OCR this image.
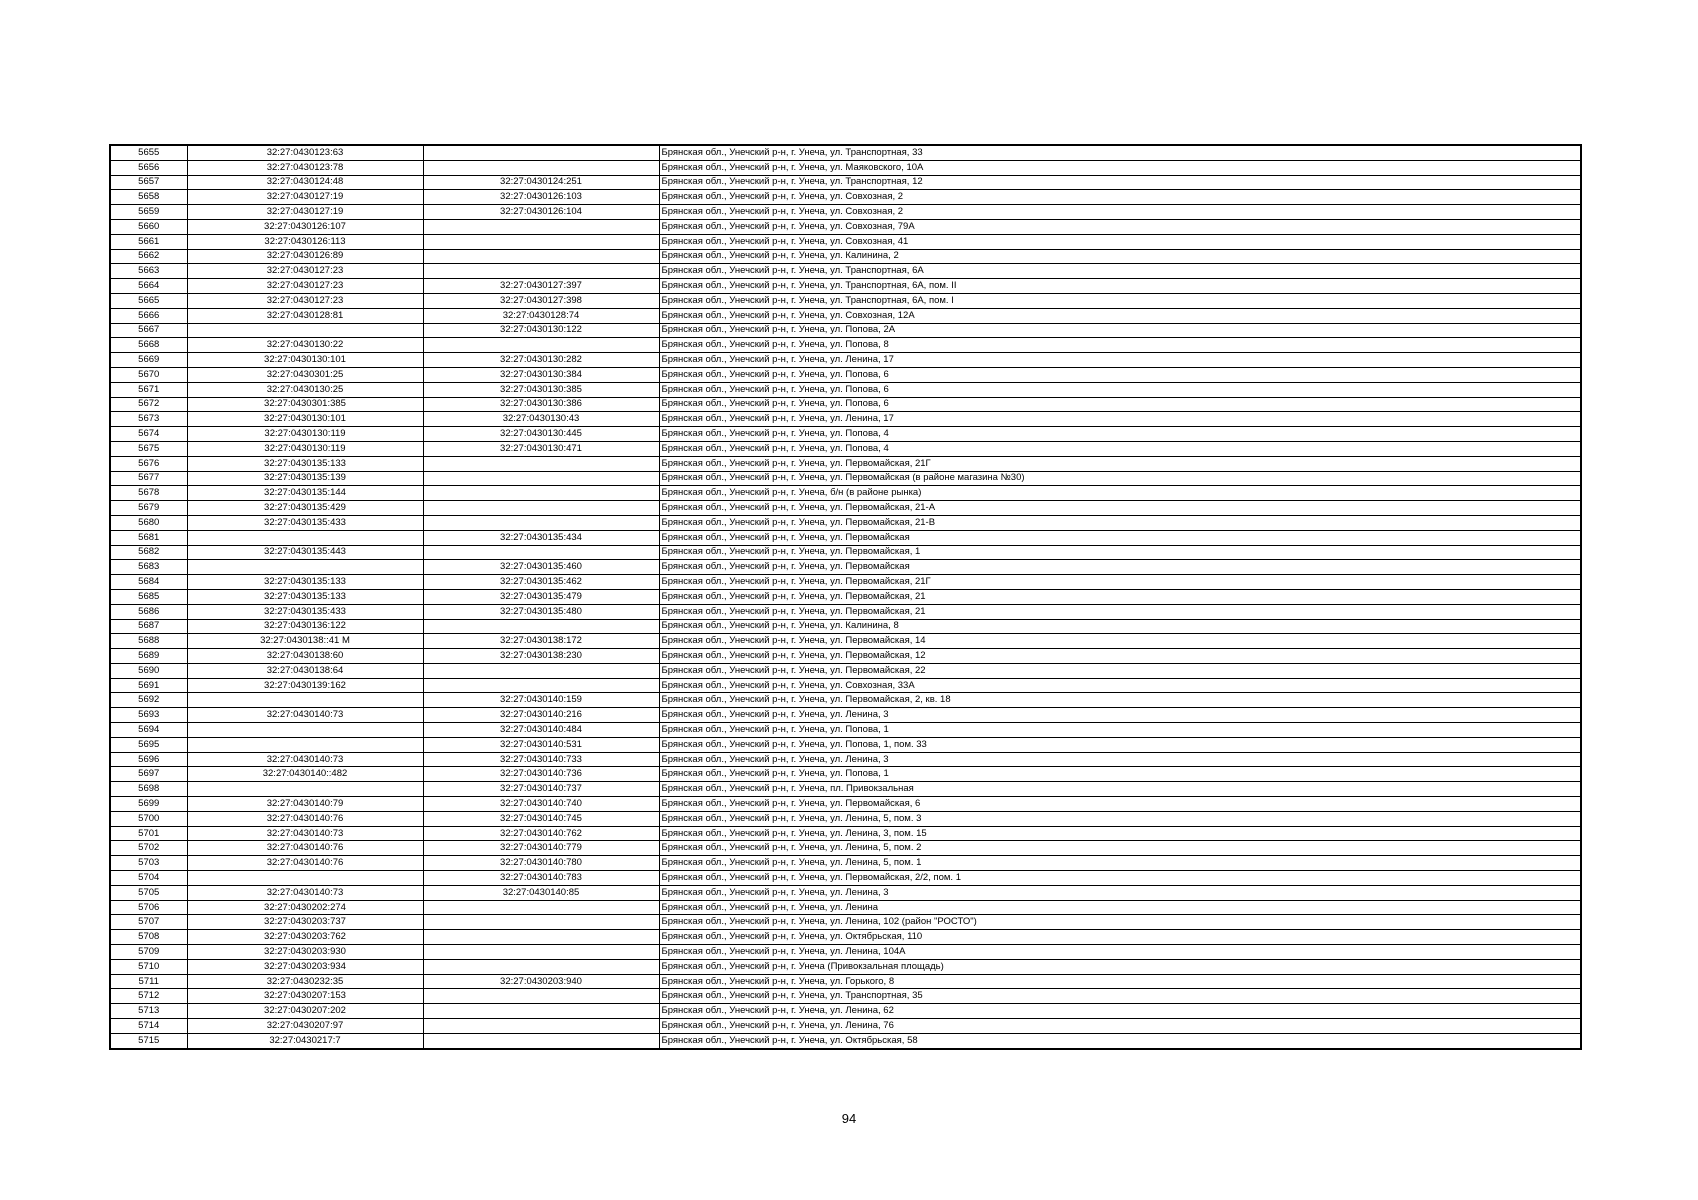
5655	32:27:0430123:63		Брянская обл., Унечский р-н, г. Унеча, ул. Транспортная, 33
5656	32:27:0430123:78		Брянская обл., Унечский р-н, г. Унеча, ул. Маяковского, 10А
5657	32:27:0430124:48	32:27:0430124:251	Брянская обл., Унечский р-н, г. Унеча, ул. Транспортная, 12
5658	32:27:0430127:19	32:27:0430126:103	Брянская обл., Унечский р-н, г. Унеча, ул. Совхозная, 2
5659	32:27:0430127:19	32:27:0430126:104	Брянская обл., Унечский р-н, г. Унеча, ул. Совхозная, 2
5660	32:27:0430126:107		Брянская обл., Унечский р-н, г. Унеча, ул. Совхозная, 79А
5661	32:27:0430126:113		Брянская обл., Унечский р-н, г. Унеча, ул. Совхозная, 41
5662	32:27:0430126:89		Брянская обл., Унечский р-н, г. Унеча, ул. Калинина, 2
5663	32:27:0430127:23		Брянская обл., Унечский р-н, г. Унеча, ул. Транспортная, 6А
5664	32:27:0430127:23	32:27:0430127:397	Брянская обл., Унечский р-н, г. Унеча, ул. Транспортная, 6А, пом. II
5665	32:27:0430127:23	32:27:0430127:398	Брянская обл., Унечский р-н, г. Унеча, ул. Транспортная, 6А, пом. I
5666	32:27:0430128:81	32:27:0430128:74	Брянская обл., Унечский р-н, г. Унеча, ул. Совхозная, 12А
5667		32:27:0430130:122	Брянская обл., Унечский р-н, г. Унеча, ул. Попова, 2А
5668	32:27:0430130:22		Брянская обл., Унечский р-н, г. Унеча, ул. Попова, 8
5669	32:27:0430130:101	32:27:0430130:282	Брянская обл., Унечский р-н, г. Унеча, ул. Ленина, 17
5670	32:27:0430301:25	32:27:0430130:384	Брянская обл., Унечский р-н, г. Унеча, ул. Попова, 6
5671	32:27:0430130:25	32:27:0430130:385	Брянская обл., Унечский р-н, г. Унеча, ул. Попова, 6
5672	32:27:0430301:385	32:27:0430130:386	Брянская обл., Унечский р-н, г. Унеча, ул. Попова, 6
5673	32:27:0430130:101	32:27:0430130:43	Брянская обл., Унечский р-н, г. Унеча, ул. Ленина, 17
5674	32:27:0430130:119	32:27:0430130:445	Брянская обл., Унечский р-н, г. Унеча, ул. Попова, 4
5675	32:27:0430130:119	32:27:0430130:471	Брянская обл., Унечский р-н, г. Унеча, ул. Попова, 4
5676	32:27:0430135:133		Брянская обл., Унечский р-н, г. Унеча, ул. Первомайская, 21Г
5677	32:27:0430135:139		Брянская обл., Унечский р-н, г. Унеча, ул. Первомайская (в районе магазина №30)
5678	32:27:0430135:144		Брянская обл., Унечский р-н, г. Унеча, б/н (в районе рынка)
5679	32:27:0430135:429		Брянская обл., Унечский р-н, г. Унеча, ул. Первомайская, 21-А
5680	32:27:0430135:433		Брянская обл., Унечский р-н, г. Унеча, ул. Первомайская, 21-В
5681		32:27:0430135:434	Брянская обл., Унечский р-н, г. Унеча, ул. Первомайская
5682	32:27:0430135:443		Брянская обл., Унечский р-н, г. Унеча, ул. Первомайская, 1
5683		32:27:0430135:460	Брянская обл., Унечский р-н, г. Унеча, ул. Первомайская
5684	32:27:0430135:133	32:27:0430135:462	Брянская обл., Унечский р-н, г. Унеча, ул. Первомайская, 21Г
5685	32:27:0430135:133	32:27:0430135:479	Брянская обл., Унечский р-н, г. Унеча, ул. Первомайская, 21
5686	32:27:0430135:433	32:27:0430135:480	Брянская обл., Унечский р-н, г. Унеча, ул. Первомайская, 21
5687	32:27:0430136:122		Брянская обл., Унечский р-н, г. Унеча, ул. Калинина, 8
5688	32:27:0430138::41 М	32:27:0430138:172	Брянская обл., Унечский р-н, г. Унеча, ул. Первомайская, 14
5689	32:27:0430138:60	32:27:0430138:230	Брянская обл., Унечский р-н, г. Унеча, ул. Первомайская, 12
5690	32:27:0430138:64		Брянская обл., Унечский р-н, г. Унеча, ул. Первомайская, 22
5691	32:27:0430139:162		Брянская обл., Унечский р-н, г. Унеча, ул. Совхозная, 33А
5692		32:27:0430140:159	Брянская обл., Унечский р-н, г. Унеча, ул. Первомайская, 2, кв. 18
5693	32:27:0430140:73	32:27:0430140:216	Брянская обл., Унечский р-н, г. Унеча, ул. Ленина, 3
5694		32:27:0430140:484	Брянская обл., Унечский р-н, г. Унеча, ул. Попова, 1
5695		32:27:0430140:531	Брянская обл., Унечский р-н, г. Унеча, ул. Попова, 1, пом. 33
5696	32:27:0430140:73	32:27:0430140:733	Брянская обл., Унечский р-н, г. Унеча, ул. Ленина, 3
5697	32:27:0430140::482	32:27:0430140:736	Брянская обл., Унечский р-н, г. Унеча, ул. Попова, 1
5698		32:27:0430140:737	Брянская обл., Унечский р-н, г. Унеча, пл. Привокзальная
5699	32:27:0430140:79	32:27:0430140:740	Брянская обл., Унечский р-н, г. Унеча, ул. Первомайская, 6
5700	32:27:0430140:76	32:27:0430140:745	Брянская обл., Унечский р-н, г. Унеча, ул. Ленина, 5, пом. 3
5701	32:27:0430140:73	32:27:0430140:762	Брянская обл., Унечский р-н, г. Унеча, ул. Ленина, 3, пом. 15
5702	32:27:0430140:76	32:27:0430140:779	Брянская обл., Унечский р-н, г. Унеча, ул. Ленина, 5, пом. 2
5703	32:27:0430140:76	32:27:0430140:780	Брянская обл., Унечский р-н, г. Унеча, ул. Ленина, 5, пом. 1
5704		32:27:0430140:783	Брянская обл., Унечский р-н, г. Унеча, ул. Первомайская, 2/2, пом. 1
5705	32:27:0430140:73	32:27:0430140:85	Брянская обл., Унечский р-н, г. Унеча, ул. Ленина, 3
5706	32:27:0430202:274		Брянская обл., Унечский р-н, г. Унеча, ул. Ленина
5707	32:27:0430203:737		Брянская обл., Унечский р-н, г. Унеча, ул. Ленина, 102 (район "РОСТО")
5708	32:27:0430203:762		Брянская обл., Унечский р-н, г. Унеча, ул. Октябрьская, 110
5709	32:27:0430203:930		Брянская обл., Унечский р-н, г. Унеча, ул. Ленина, 104А
5710	32:27:0430203:934		Брянская обл., Унечский р-н, г. Унеча (Привокзальная площадь)
5711	32:27:0430232:35	32:27:0430203:940	Брянская обл., Унечский р-н, г. Унеча, ул. Горького, 8
5712	32:27:0430207:153		Брянская обл., Унечский р-н, г. Унеча, ул. Транспортная, 35
5713	32:27:0430207:202		Брянская обл., Унечский р-н, г. Унеча, ул. Ленина, 62
5714	32:27:0430207:97		Брянская обл., Унечский р-н, г. Унеча, ул. Ленина, 76
5715	32:27:0430217:7		Брянская обл., Унечский р-н, г. Унеча, ул. Октябрьская, 58
94
